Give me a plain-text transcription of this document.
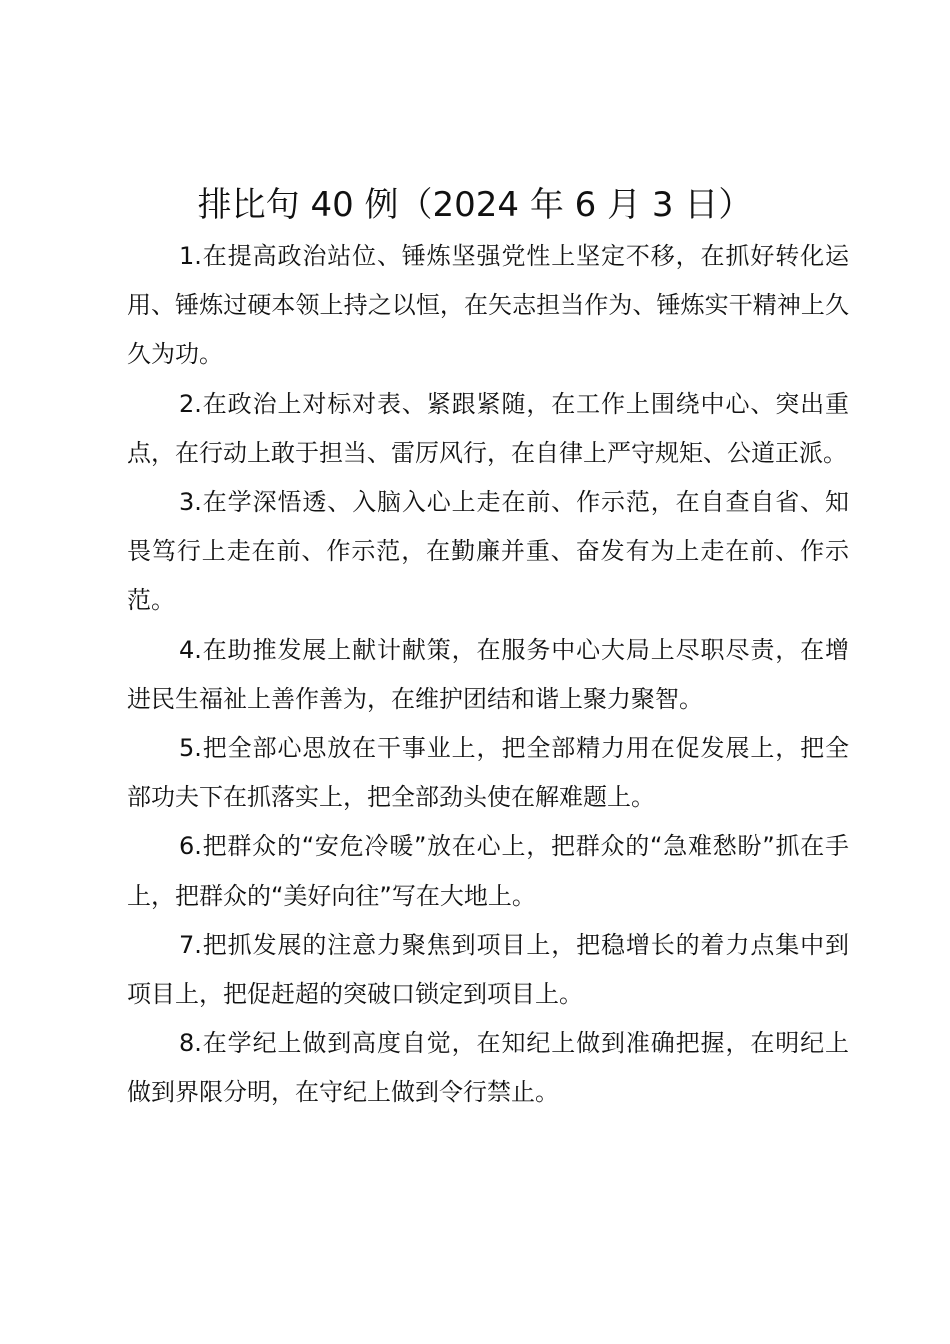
排比句 40 例（2024 年 6 月 3 日）

1.在提高政治站位、锤炼坚强党性上坚定不移，在抓好转化运用、锤炼过硬本领上持之以恒，在矢志担当作为、锤炼实干精神上久久为功。

2.在政治上对标对表、紧跟紧随，在工作上围绕中心、突出重点，在行动上敢于担当、雷厉风行，在自律上严守规矩、公道正派。

3.在学深悟透、入脑入心上走在前、作示范，在自查自省、知畏笃行上走在前、作示范，在勤廉并重、奋发有为上走在前、作示范。

4.在助推发展上献计献策，在服务中心大局上尽职尽责，在增进民生福祉上善作善为，在维护团结和谐上聚力聚智。

5.把全部心思放在干事业上，把全部精力用在促发展上，把全部功夫下在抓落实上，把全部劲头使在解难题上。

6.把群众的“安危冷暖”放在心上，把群众的“急难愁盼”抓在手上，把群众的“美好向往”写在大地上。

7.把抓发展的注意力聚焦到项目上，把稳增长的着力点集中到项目上，把促赶超的突破口锁定到项目上。

8.在学纪上做到高度自觉，在知纪上做到准确把握，在明纪上做到界限分明，在守纪上做到令行禁止。
